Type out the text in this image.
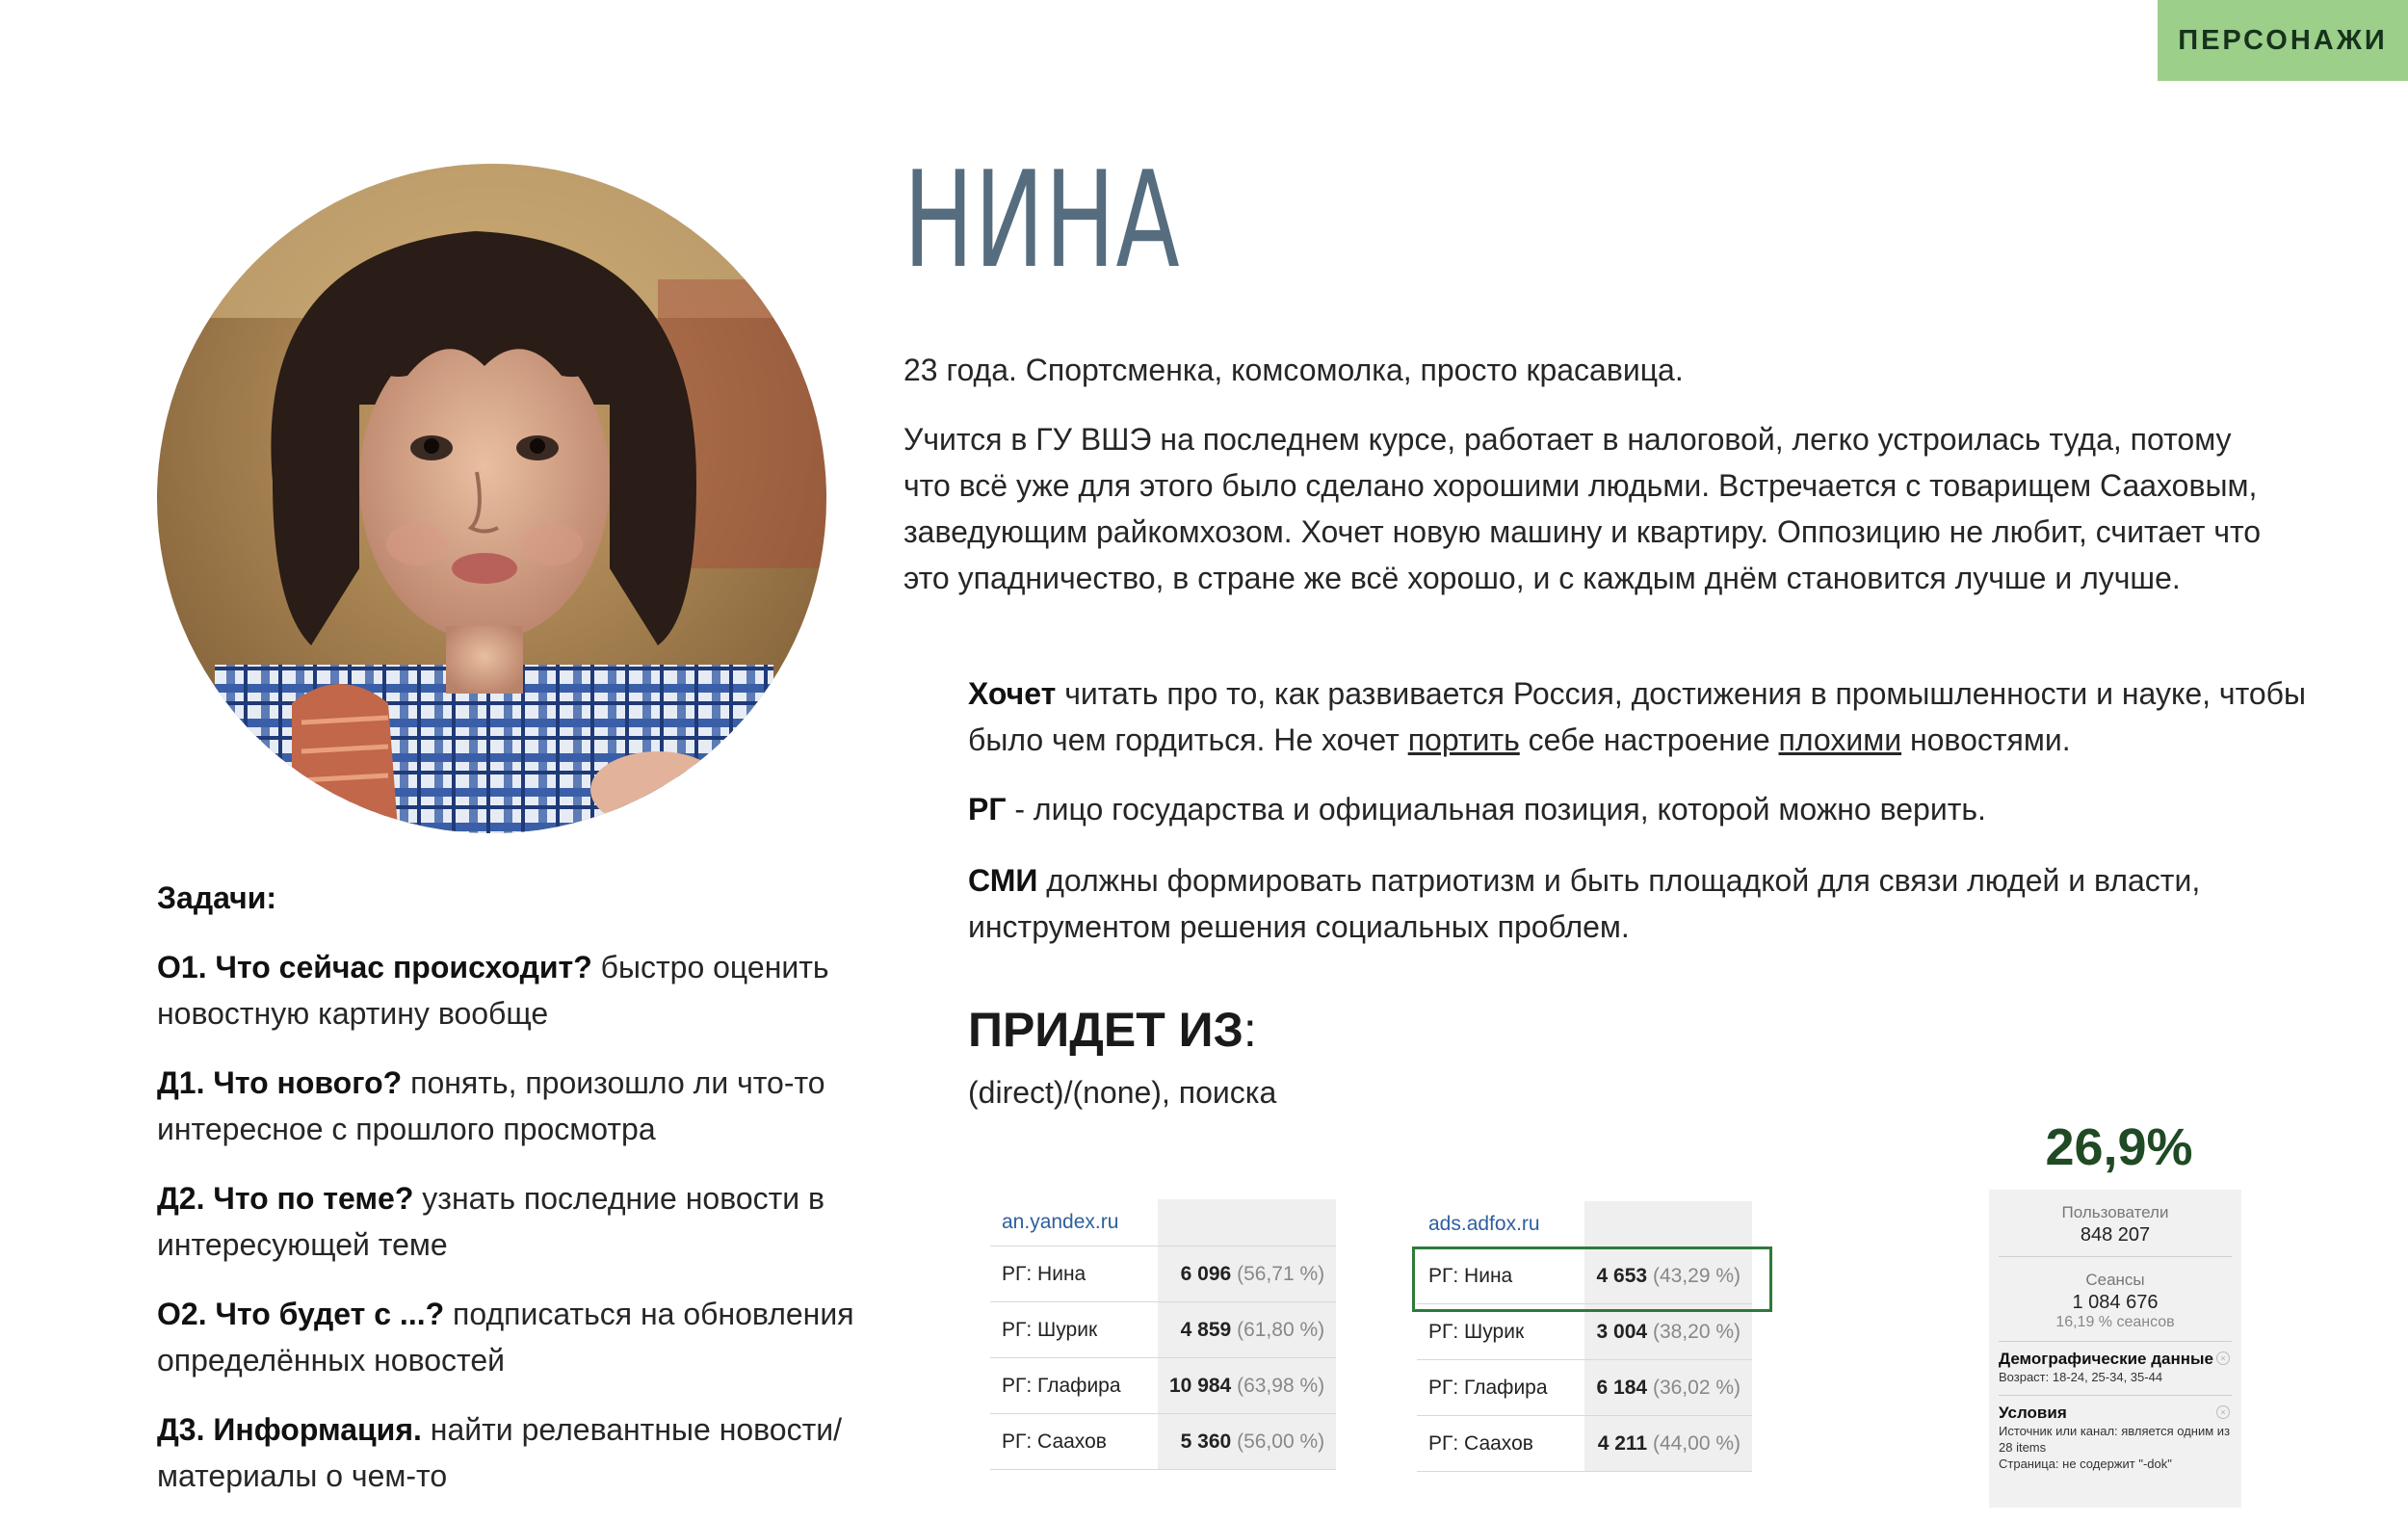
ПЕРСОНАЖИ
НИНА

23 года. Спортсменка, комсомолка, просто красавица.

Учится в ГУ ВШЭ на последнем курсе, работает в налоговой, легко устроилась туда, потому что всё уже для этого было сделано хорошими людьми. Встречается с товарищем Сааховым, заведующим райкомхозом. Хочет новую машину и квартиру. Оппозицию не любит, считает что это упадничество, в стране же всё хорошо, и с каждым днём становится лучше и лучше.

Хочет читать про то, как развивается Россия, достижения в промышленности и науке, чтобы было чем гордиться. Не хочет портить себе настроение плохими новостями.

РГ - лицо государства и официальная позиция, которой можно верить.

СМИ должны формировать патриотизм и быть площадкой для связи людей и власти, инструментом решения социальных проблем.

ПРИДЕТ ИЗ:

(direct)/(none), поиска

Задачи:

О1. Что сейчас происходит? быстро оценить новостную картину вообще

Д1. Что нового? понять, произошло ли что-то интересное с прошлого просмотра

Д2. Что по теме? узнать последние новости в интересующей теме

О2. Что будет с ...? подписаться на обновления определённых новостей

Д3. Информация. найти релевантные новости/материалы о чем-то

an.yandex.ru	
РГ: Нина	6 096 (56,71 %)
РГ: Шурик	4 859 (61,80 %)
РГ: Глафира	10 984 (63,98 %)
РГ: Саахов	5 360 (56,00 %)
ads.adfox.ru	
РГ: Нина	4 653 (43,29 %)
РГ: Шурик	3 004 (38,20 %)
РГ: Глафира	6 184 (36,02 %)
РГ: Саахов	4 211 (44,00 %)
26,9%
Пользователи
848 207
Сеансы
1 084 676
16,19 % сеансов
Демографические данные
Возраст: 18-24, 25-34, 35-44
×
Условия
Источник или канал: является одним из 28 items
Страница: не содержит "-dok"
×
